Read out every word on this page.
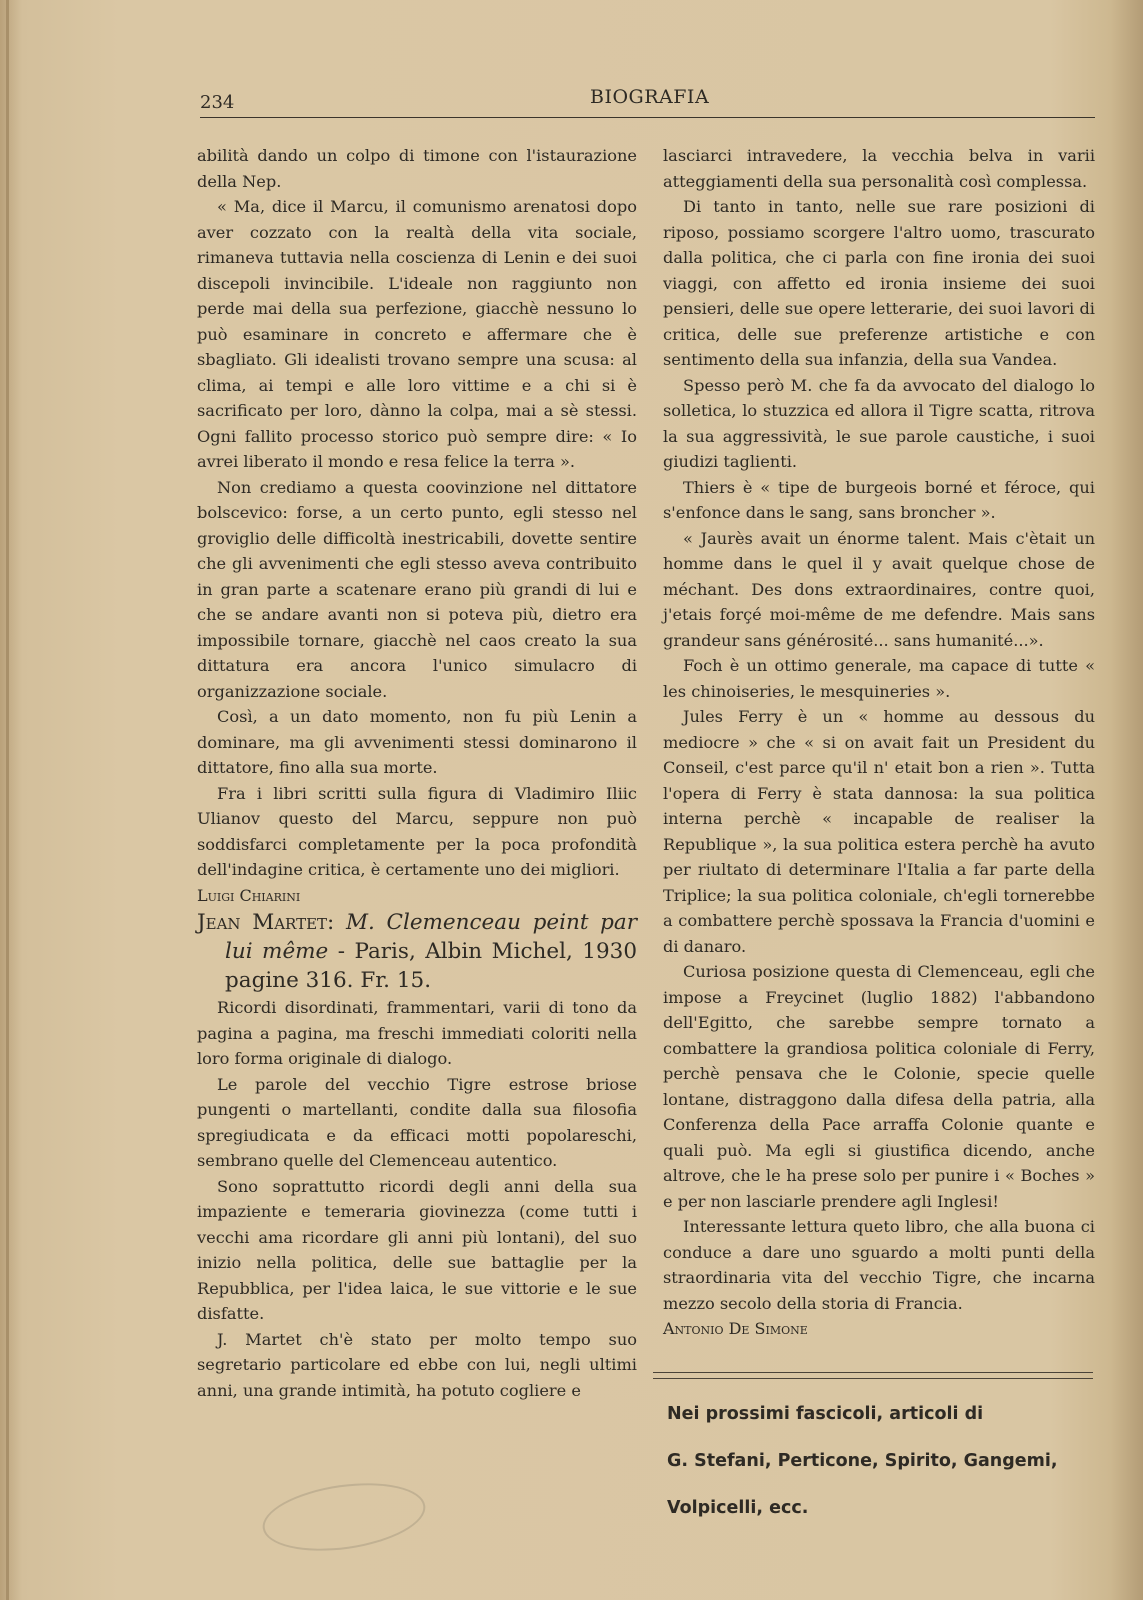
234	BIOGRAFIA

abilità dando un colpo di timone con l'istaurazione della Nep.

« Ma, dice il Marcu, il comunismo arenatosi dopo aver cozzato con la realtà della vita sociale, rimaneva tuttavia nella coscienza di Lenin e dei suoi discepoli invincibile. L'ideale non raggiunto non perde mai della sua perfezione, giacchè nessuno lo può esaminare in concreto e affermare che è sbagliato. Gli idealisti trovano sempre una scusa: al clima, ai tempi e alle loro vittime e a chi si è sacrificato per loro, dànno la colpa, mai a sè stessi. Ogni fallito processo storico può sempre dire: « Io avrei liberato il mondo e resa felice la terra ».

Non crediamo a questa coovinzione nel dittatore bolscevico: forse, a un certo punto, egli stesso nel groviglio delle difficoltà inestricabili, dovette sentire che gli avvenimenti che egli stesso aveva contribuito in gran parte a scatenare erano più grandi di lui e che se andare avanti non si poteva più, dietro era impossibile tornare, giacchè nel caos creato la sua dittatura era ancora l'unico simulacro di organizzazione sociale.

Così, a un dato momento, non fu più Lenin a dominare, ma gli avvenimenti stessi dominarono il dittatore, fino alla sua morte.

Fra i libri scritti sulla figura di Vladimiro Iliic Ulianov questo del Marcu, seppure non può soddisfarci completamente per la poca profondità dell'indagine critica, è certamente uno dei migliori.

Luigi Chiarini

Jean Martet: M. Clemenceau peint par lui même - Paris, Albin Michel, 1930 pagine 316. Fr. 15.

Ricordi disordinati, frammentari, varii di tono da pagina a pagina, ma freschi immediati coloriti nella loro forma originale di dialogo.

Le parole del vecchio Tigre estrose briose pungenti o martellanti, condite dalla sua filosofia spregiudicata e da efficaci motti popolareschi, sembrano quelle del Clemenceau autentico.

Sono soprattutto ricordi degli anni della sua impaziente e temeraria giovinezza (come tutti i vecchi ama ricordare gli anni più lontani), del suo inizio nella politica, delle sue battaglie per la Repubblica, per l'idea laica, le sue vittorie e le sue disfatte.

J. Martet ch'è stato per molto tempo suo segretario particolare ed ebbe con lui, negli ultimi anni, una grande intimità, ha potuto cogliere e

lasciarci intravedere, la vecchia belva in varii atteggiamenti della sua personalità così complessa.

Di tanto in tanto, nelle sue rare posizioni di riposo, possiamo scorgere l'altro uomo, trascurato dalla politica, che ci parla con fine ironia dei suoi viaggi, con affetto ed ironia insieme dei suoi pensieri, delle sue opere letterarie, dei suoi lavori di critica, delle sue preferenze artistiche e con sentimento della sua infanzia, della sua Vandea.

Spesso però M. che fa da avvocato del dialogo lo solletica, lo stuzzica ed allora il Tigre scatta, ritrova la sua aggressività, le sue parole caustiche, i suoi giudizi taglienti.

Thiers è « tipe de burgeois borné et féroce, qui s'enfonce dans le sang, sans broncher ».

« Jaurès avait un énorme talent. Mais c'ètait un homme dans le quel il y avait quelque chose de méchant. Des dons extraordinaires, contre quoi, j'etais forçé moi-même de me defendre. Mais sans grandeur sans générosité... sans humanité...».

Foch è un ottimo generale, ma capace di tutte « les chinoiseries, le mesquineries ».

Jules Ferry è un « homme au dessous du mediocre » che « si on avait fait un President du Conseil, c'est parce qu'il n' etait bon a rien ». Tutta l'opera di Ferry è stata dannosa: la sua politica interna perchè « incapable de realiser la Republique », la sua politica estera perchè ha avuto per riultato di determinare l'Italia a far parte della Triplice; la sua politica coloniale, ch'egli tornerebbe a combattere perchè spossava la Francia d'uomini e di danaro.

Curiosa posizione questa di Clemenceau, egli che impose a Freycinet (luglio 1882) l'abbandono dell'Egitto, che sarebbe sempre tornato a combattere la grandiosa politica coloniale di Ferry, perchè pensava che le Colonie, specie quelle lontane, distraggono dalla difesa della patria, alla Conferenza della Pace arraffa Colonie quante e quali può. Ma egli si giustifica dicendo, anche altrove, che le ha prese solo per punire i « Boches » e per non lasciarle prendere agli Inglesi!

Interessante lettura queto libro, che alla buona ci conduce a dare uno sguardo a molti punti della straordinaria vita del vecchio Tigre, che incarna mezzo secolo della storia di Francia.

Antonio De Simone

Nei prossimi fascicoli, articoli di
G. Stefani, Perticone, Spirito, Gangemi,
Volpicelli, ecc.
